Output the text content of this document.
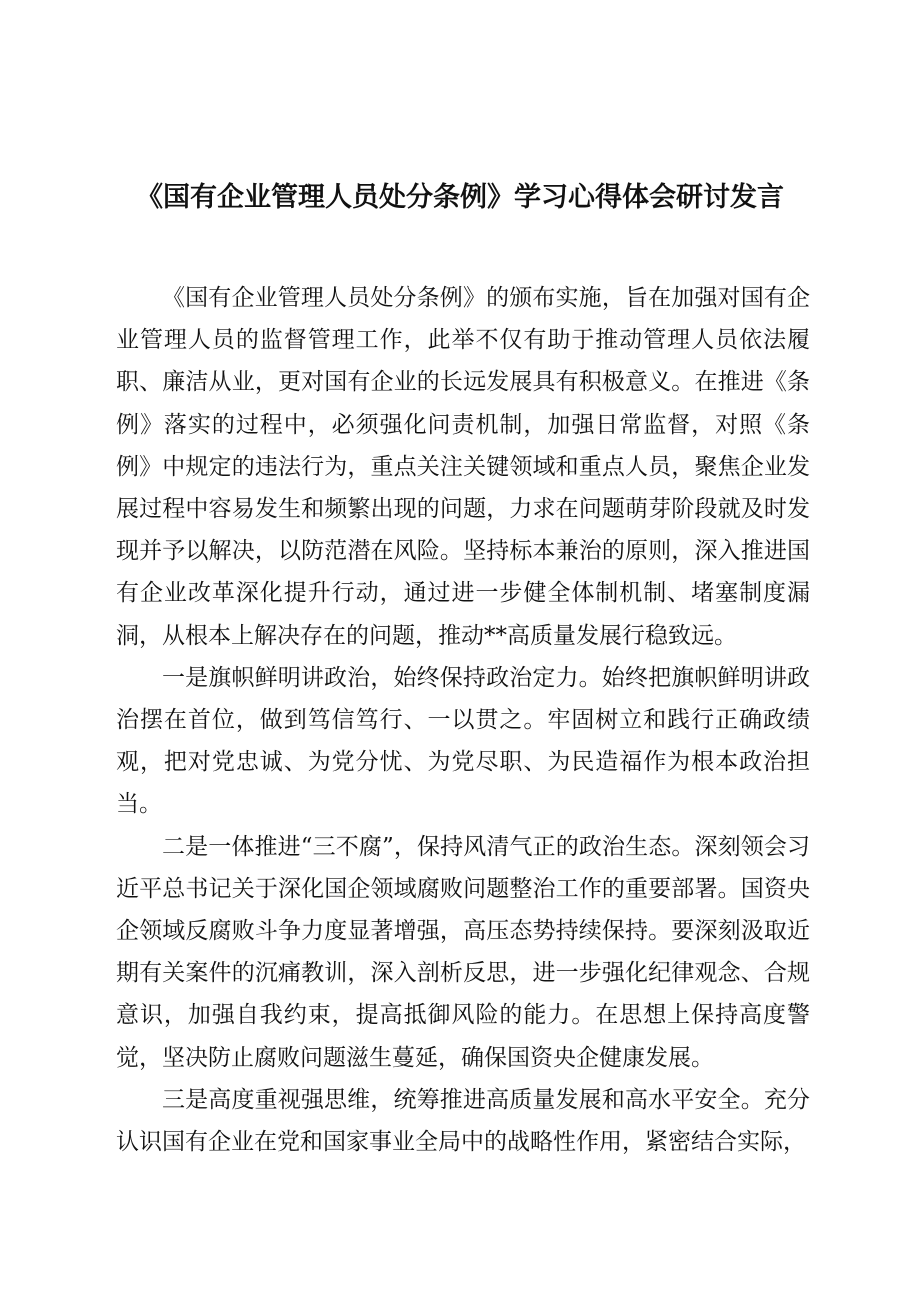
《国有企业管理人员处分条例》学习心得体会研讨发言

《国有企业管理人员处分条例》的颁布实施，旨在加强对国有企业管理人员的监督管理工作，此举不仅有助于推动管理人员依法履职、廉洁从业，更对国有企业的长远发展具有积极意义。在推进《条例》落实的过程中，必须强化问责机制，加强日常监督，对照《条例》中规定的违法行为，重点关注关键领域和重点人员，聚焦企业发展过程中容易发生和频繁出现的问题，力求在问题萌芽阶段就及时发现并予以解决，以防范潜在风险。坚持标本兼治的原则，深入推进国有企业改革深化提升行动，通过进一步健全体制机制、堵塞制度漏洞，从根本上解决存在的问题，推动**高质量发展行稳致远。

一是旗帜鲜明讲政治，始终保持政治定力。始终把旗帜鲜明讲政治摆在首位，做到笃信笃行、一以贯之。牢固树立和践行正确政绩观，把对党忠诚、为党分忧、为党尽职、为民造福作为根本政治担当。

二是一体推进“三不腐”，保持风清气正的政治生态。深刻领会习近平总书记关于深化国企领域腐败问题整治工作的重要部署。国资央企领域反腐败斗争力度显著增强，高压态势持续保持。要深刻汲取近期有关案件的沉痛教训，深入剖析反思，进一步强化纪律观念、合规意识，加强自我约束，提高抵御风险的能力。在思想上保持高度警觉，坚决防止腐败问题滋生蔓延，确保国资央企健康发展。

三是高度重视强思维，统筹推进高质量发展和高水平安全。充分认识国有企业在党和国家事业全局中的战略性作用，紧密结合实际，
